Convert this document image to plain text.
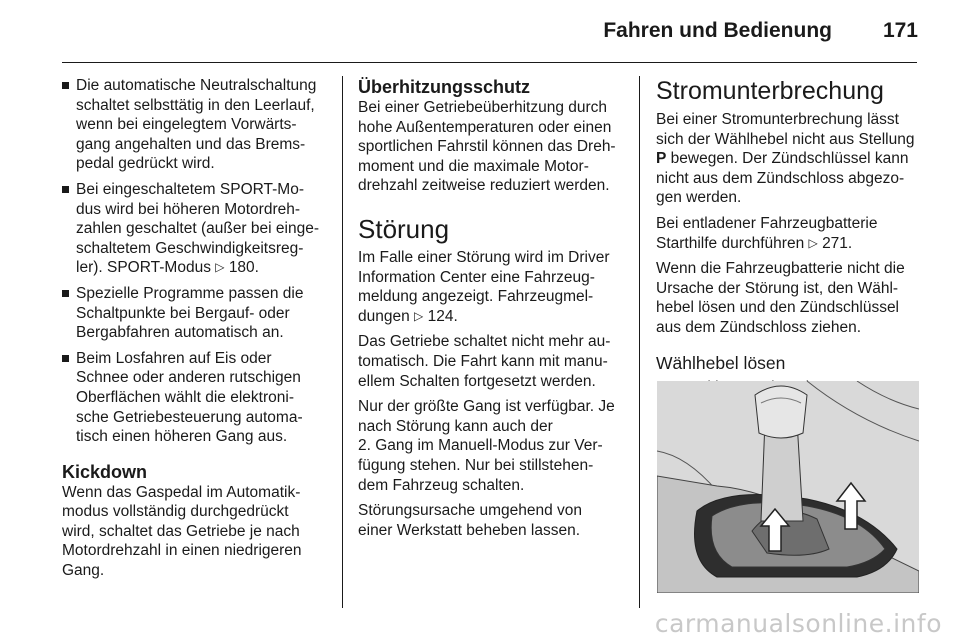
Fahren und Bedienung 171
Die automatische Neutralschaltung
schaltet selbsttätig in den Leerlauf,
wenn bei eingelegtem Vorwärts-
gang angehalten und das Brems-
pedal gedrückt wird.
Bei eingeschaltetem SPORT-Mo-
dus wird bei höheren Motordreh-
zahlen geschaltet (außer bei einge-
schaltetem Geschwindigkeitsreg-
ler). SPORT-Modus ▷ 180.
Spezielle Programme passen die
Schaltpunkte bei Bergauf- oder
Bergabfahren automatisch an.
Beim Losfahren auf Eis oder
Schnee oder anderen rutschigen
Oberflächen wählt die elektroni-
sche Getriebesteuerung automa-
tisch einen höheren Gang aus.
Kickdown

Wenn das Gaspedal im Automatik-
modus vollständig durchgedrückt
wird, schaltet das Getriebe je nach
Motordrehzahl in einen niedrigeren
Gang.

Überhitzungsschutz

Bei einer Getriebeüberhitzung durch
hohe Außentemperaturen oder einen
sportlichen Fahrstil können das Dreh-
moment und die maximale Motor-
drehzahl zeitweise reduziert werden.

Störung

Im Falle einer Störung wird im Driver
Information Center eine Fahrzeug-
meldung angezeigt. Fahrzeugmel-
dungen ▷ 124.

Das Getriebe schaltet nicht mehr au-
tomatisch. Die Fahrt kann mit manu-
ellem Schalten fortgesetzt werden.

Nur der größte Gang ist verfügbar. Je
nach Störung kann auch der
2. Gang im Manuell-Modus zur Ver-
fügung stehen. Nur bei stillstehen-
dem Fahrzeug schalten.

Störungsursache umgehend von
einer Werkstatt beheben lassen.

Stromunterbrechung

Bei einer Stromunterbrechung lässt
sich der Wählhebel nicht aus Stellung
P bewegen. Der Zündschlüssel kann
nicht aus dem Zündschloss abgezo-
gen werden.

Bei entladener Fahrzeugbatterie
Starthilfe durchführen ▷ 271.

Wenn die Fahrzeugbatterie nicht die
Ursache der Störung ist, den Wähl-
hebel lösen und den Zündschlüssel
aus dem Zündschloss ziehen.

Wählhebel lösen
carmanualsonline.info
